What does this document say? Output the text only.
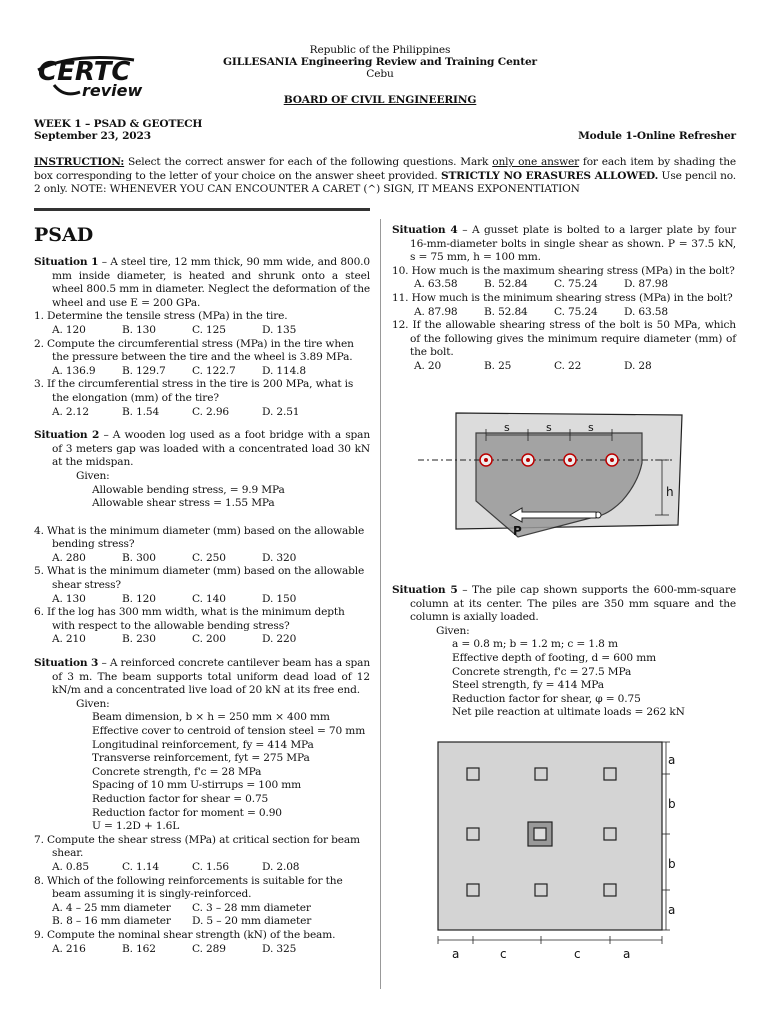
CERTC
review
Republic of the Philippines
GILLESANIA Engineering Review and Training Center
Cebu
BOARD OF CIVIL ENGINEERING
WEEK 1 – PSAD & GEOTECH
September 23, 2023	Module 1-Online Refresher
INSTRUCTION: Select the correct answer for each of the following questions. Mark only one answer for each item by shading the box corresponding to the letter of your choice on the answer sheet provided. STRICTLY NO ERASURES ALLOWED. Use pencil no. 2 only. NOTE: WHENEVER YOU CAN ENCOUNTER A CARET (^) SIGN, IT MEANS EXPONENTIATION
PSAD
Situation 1 – A steel tire, 12 mm thick, 90 mm wide, and 800.0 mm inside diameter, is heated and shrunk onto a steel wheel 800.5 mm in diameter. Neglect the deformation of the wheel and use E = 200 GPa.
1. Determine the tensile stress (MPa) in the tire.
A. 120	B. 130	C. 125	D. 135
2. Compute the circumferential stress (MPa) in the tire when the pressure between the tire and the wheel is 3.89 MPa.
A. 136.9	B. 129.7	C. 122.7	D. 114.8
3. If the circumferential stress in the tire is 200 MPa, what is the elongation (mm) of the tire?
A. 2.12	B. 1.54	C. 2.96	D. 2.51
Situation 2 – A wooden log used as a foot bridge with a span of 3 meters gap was loaded with a concentrated load 30 kN at the midspan.
Given:
Allowable bending stress, = 9.9 MPa
Allowable shear stress = 1.55 MPa
4. What is the minimum diameter (mm) based on the allowable bending stress?
A. 280	B. 300	C. 250	D. 320
5. What is the minimum diameter (mm) based on the allowable shear stress?
A. 130	B. 120	C. 140	D. 150
6. If the log has 300 mm width, what is the minimum depth with respect to the allowable bending stress?
A. 210	B. 230	C. 200	D. 220
Situation 3 – A reinforced concrete cantilever beam has a span of 3 m. The beam supports total uniform dead load of 12 kN/m and a concentrated live load of 20 kN at its free end.
Given:
Beam dimension, b × h = 250 mm × 400 mm
Effective cover to centroid of tension steel = 70 mm
Longitudinal reinforcement, fy = 414 MPa
Transverse reinforcement, fyt = 275 MPa
Concrete strength, f'c = 28 MPa
Spacing of 10 mm U-stirrups = 100 mm
Reduction factor for shear = 0.75
Reduction factor for moment = 0.90
U = 1.2D + 1.6L
7. Compute the shear stress (MPa) at critical section for beam shear.
A. 0.85	C. 1.14	C. 1.56	D. 2.08
8. Which of the following reinforcements is suitable for the beam assuming it is singly-reinforced.
A. 4 – 25 mm diameter	C. 3 – 28 mm diameter
B. 8 – 16 mm diameter	D. 5 – 20 mm diameter
9. Compute the nominal shear strength (kN) of the beam.
A. 216	B. 162	C. 289	D. 325
Situation 4 – A gusset plate is bolted to a larger plate by four 16-mm-diameter bolts in single shear as shown. P = 37.5 kN, s = 75 mm, h = 100 mm.
10. How much is the maximum shearing stress (MPa) in the bolt?
A. 63.58	B. 52.84	C. 75.24	D. 87.98
11. How much is the minimum shearing stress (MPa) in the bolt?
A. 87.98	B. 52.84	C. 75.24	D. 63.58
12. If the allowable shearing stress of the bolt is 50 MPa, which of the following gives the minimum require diameter (mm) of the bolt.
A. 20	B. 25	C. 22	D. 28
s	s	s
h
P
Situation 5 – The pile cap shown supports the 600-mm-square column at its center. The piles are 350 mm square and the column is axially loaded.
Given:
a = 0.8 m; b = 1.2 m; c = 1.8 m
Effective depth of footing, d = 600 mm
Concrete strength, f'c = 27.5 MPa
Steel strength, fy = 414 MPa
Reduction factor for shear, φ = 0.75
Net pile reaction at ultimate loads = 262 kN
a
b
b
a
a	c	c	a
